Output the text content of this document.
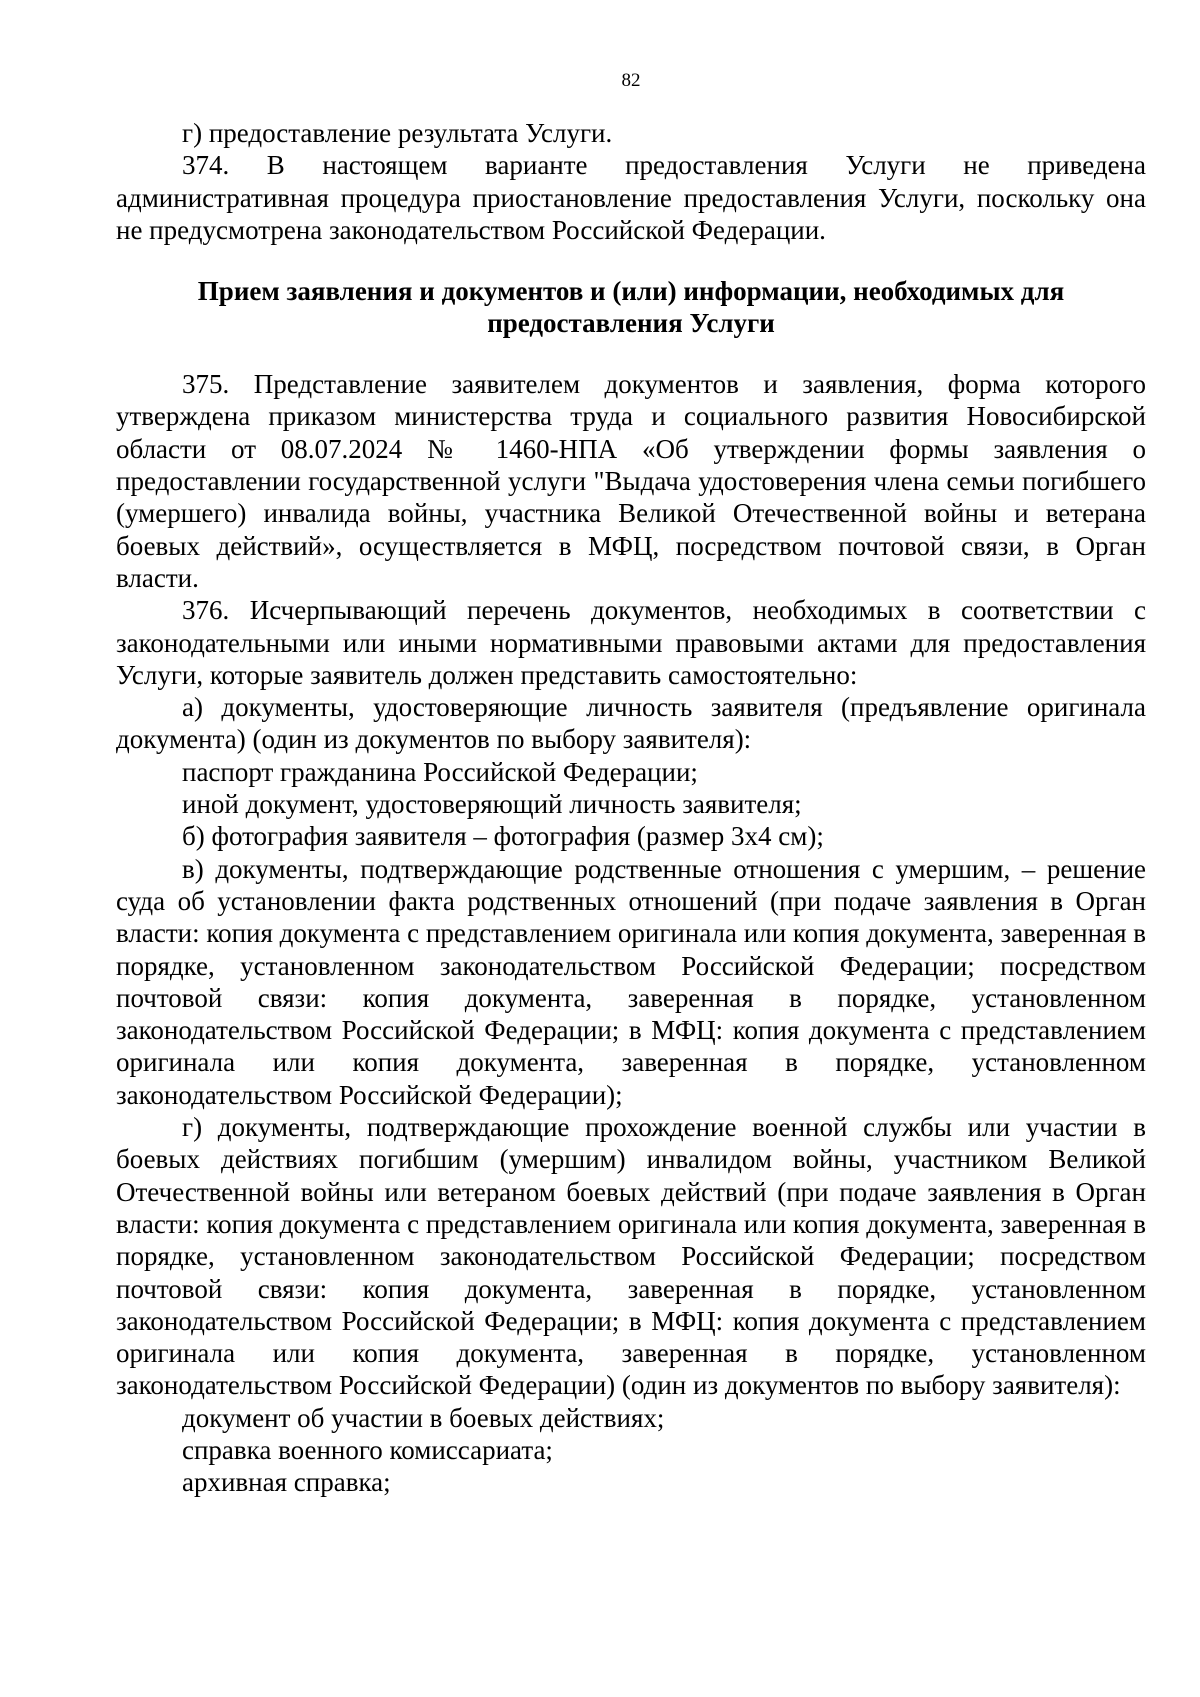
82

г) предоставление результата Услуги.

374. В настоящем варианте предоставления Услуги не приведена административная процедура приостановление предоставления Услуги, поскольку она не предусмотрена законодательством Российской Федерации.

Прием заявления и документов и (или) информации, необходимых для предоставления Услуги

375. Представление заявителем документов и заявления, форма которого утверждена приказом министерства труда и социального развития Новосибирской области от 08.07.2024 № 1460-НПА «Об утверждении формы заявления о предоставлении государственной услуги "Выдача удостоверения члена семьи погибшего (умершего) инвалида войны, участника Великой Отечественной войны и ветерана боевых действий», осуществляется в МФЦ, посредством почтовой связи, в Орган власти.

376. Исчерпывающий перечень документов, необходимых в соответствии с законодательными или иными нормативными правовыми актами для предоставления Услуги, которые заявитель должен представить самостоятельно:

а) документы, удостоверяющие личность заявителя (предъявление оригинала документа) (один из документов по выбору заявителя):

паспорт гражданина Российской Федерации;

иной документ, удостоверяющий личность заявителя;

б) фотография заявителя – фотография (размер 3x4 см);

в) документы, подтверждающие родственные отношения с умершим, – решение суда об установлении факта родственных отношений (при подаче заявления в Орган власти: копия документа с представлением оригинала или копия документа, заверенная в порядке, установленном законодательством Российской Федерации; посредством почтовой связи: копия документа, заверенная в порядке, установленном законодательством Российской Федерации; в МФЦ: копия документа с представлением оригинала или копия документа, заверенная в порядке, установленном законодательством Российской Федерации);

г) документы, подтверждающие прохождение военной службы или участии в боевых действиях погибшим (умершим) инвалидом войны, участником Великой Отечественной войны или ветераном боевых действий (при подаче заявления в Орган власти: копия документа с представлением оригинала или копия документа, заверенная в порядке, установленном законодательством Российской Федерации; посредством почтовой связи: копия документа, заверенная в порядке, установленном законодательством Российской Федерации; в МФЦ: копия документа с представлением оригинала или копия документа, заверенная в порядке, установленном законодательством Российской Федерации) (один из документов по выбору заявителя):

документ об участии в боевых действиях;

справка военного комиссариата;

архивная справка;
